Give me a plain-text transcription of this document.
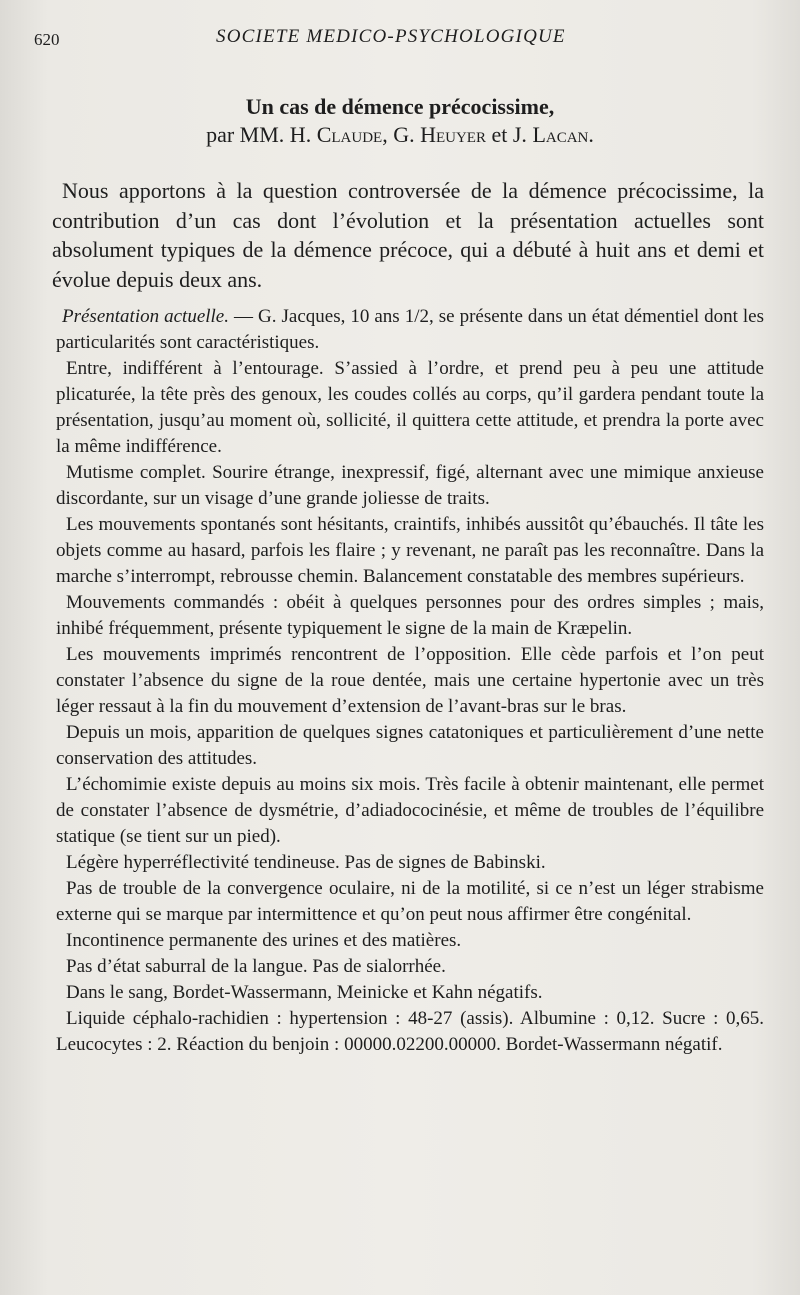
620	SOCIETE MEDICO-PSYCHOLOGIQUE

Un cas de démence précocissime,

par MM. H. Claude, G. Heuyer et J. Lacan.

Nous apportons à la question controversée de la démence précocissime, la contribution d’un cas dont l’évolution et la présentation actuelles sont absolument typiques de la démence précoce, qui a débuté à huit ans et demi et évolue depuis deux ans.

Présentation actuelle. — G. Jacques, 10 ans 1/2, se présente dans un état démentiel dont les particularités sont caractéristiques.

Entre, indifférent à l’entourage. S’assied à l’ordre, et prend peu à peu une attitude plicaturée, la tête près des genoux, les coudes collés au corps, qu’il gardera pendant toute la présentation, jusqu’au moment où, sollicité, il quittera cette attitude, et prendra la porte avec la même indifférence.

Mutisme complet. Sourire étrange, inexpressif, figé, alternant avec une mimique anxieuse discordante, sur un visage d’une grande joliesse de traits.

Les mouvements spontanés sont hésitants, craintifs, inhibés aussitôt qu’ébauchés. Il tâte les objets comme au hasard, parfois les flaire ; y revenant, ne paraît pas les reconnaître. Dans la marche s’interrompt, rebrousse chemin. Balancement constatable des membres supérieurs.

Mouvements commandés : obéit à quelques personnes pour des ordres simples ; mais, inhibé fréquemment, présente typiquement le signe de la main de Kræpelin.

Les mouvements imprimés rencontrent de l’opposition. Elle cède parfois et l’on peut constater l’absence du signe de la roue dentée, mais une certaine hypertonie avec un très léger ressaut à la fin du mouvement d’extension de l’avant-bras sur le bras.

Depuis un mois, apparition de quelques signes catatoniques et particulièrement d’une nette conservation des attitudes.

L’échomimie existe depuis au moins six mois. Très facile à obtenir maintenant, elle permet de constater l’absence de dysmétrie, d’adiadococinésie, et même de troubles de l’équilibre statique (se tient sur un pied).

Légère hyperréflectivité tendineuse. Pas de signes de Babinski.

Pas de trouble de la convergence oculaire, ni de la motilité, si ce n’est un léger strabisme externe qui se marque par intermittence et qu’on peut nous affirmer être congénital.

Incontinence permanente des urines et des matières.

Pas d’état saburral de la langue. Pas de sialorrhée.

Dans le sang, Bordet-Wassermann, Meinicke et Kahn négatifs.

Liquide céphalo-rachidien : hypertension : 48-27 (assis). Albumine : 0,12. Sucre : 0,65. Leucocytes : 2. Réaction du benjoin : 00000.02200.00000. Bordet-Wassermann négatif.
